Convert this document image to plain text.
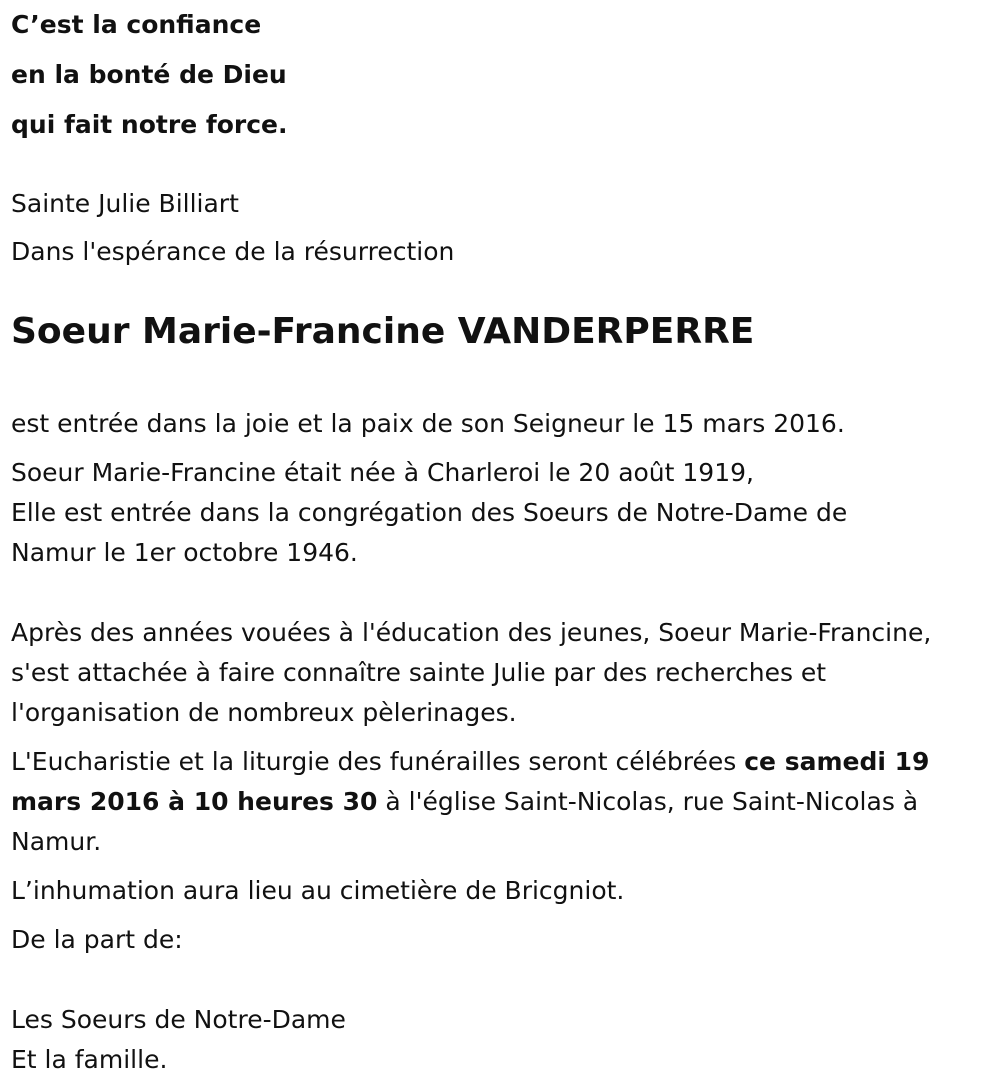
C’est la confiance
en la bonté de Dieu
qui fait notre force.
Sainte Julie Billiart
Dans l'espérance de la résurrection
Soeur Marie-Francine VANDERPERRE
est entrée dans la joie et la paix de son Seigneur le 15 mars 2016.
Soeur Marie-Francine était née à Charleroi le 20 août 1919,
Elle est entrée dans la congrégation des Soeurs de Notre-Dame de
Namur le 1er octobre 1946.
Après des années vouées à l'éducation des jeunes, Soeur Marie-Francine,
s'est attachée à faire connaître sainte Julie par des recherches et
l'organisation de nombreux pèlerinages.
L'Eucharistie et la liturgie des funérailles seront célébrées ce samedi 19
mars 2016 à 10 heures 30 à l'église Saint-Nicolas, rue Saint-Nicolas à
Namur.
L’inhumation aura lieu au cimetière de Bricgniot.
De la part de:
Les Soeurs de Notre-Dame
Et la famille.
